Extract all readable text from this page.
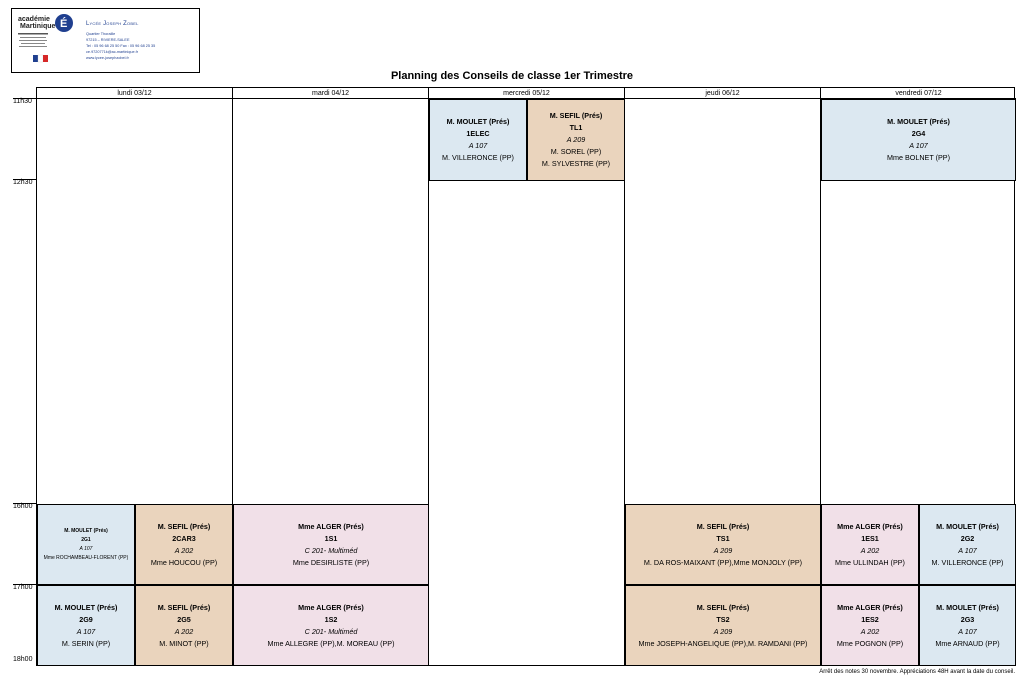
académie
Martinique É	Lycée Joseph Zobel
Quartier Thoraille
97215 – RIVIERE-SALEE
Tel : 05 96 68 25 50 Fax : 05 96 68 25 35
ce.9720771k@ac-martinique.fr
www.lycee-josephzobel.fr
Planning des Conseils de classe 1er Trimestre
11h30
12h30
16h00
17h00
18h00
lundi 03/12	mardi 04/12	mercredi 05/12	jeudi 06/12	vendredi 07/12
M. MOULET (Prés)
1ELEC
A 107
M. VILLERONCE (PP)
M. SEFIL (Prés)
TL1
A 209
M. SOREL (PP)
M. SYLVESTRE (PP)
M. MOULET (Prés)
2G4
A 107
Mme BOLNET (PP)
M. MOULET (Prés)
2G1
A 107
Mme ROCHAMBEAU-FLORENT (PP)
M. SEFIL (Prés)
2CAR3
A 202
Mme HOUCOU (PP)
Mme ALGER (Prés)
1S1
C 201- Multiméd
Mme DESIRLISTE (PP)
M. SEFIL (Prés)
TS1
A 209
M. DA ROS-MAIXANT (PP),Mme MONJOLY (PP)
Mme ALGER (Prés)
1ES1
A 202
Mme ULLINDAH (PP)
M. MOULET (Prés)
2G2
A 107
M. VILLERONCE (PP)
M. MOULET (Prés)
2G9
A 107
M. SERIN (PP)
M. SEFIL (Prés)
2G5
A 202
M. MINOT (PP)
Mme ALGER (Prés)
1S2
C 201- Multiméd
Mme ALLEGRE (PP),M. MOREAU (PP)
M. SEFIL (Prés)
TS2
A 209
Mme JOSEPH-ANGELIQUE (PP),M. RAMDANI (PP)
Mme ALGER (Prés)
1ES2
A 202
Mme POGNON (PP)
M. MOULET (Prés)
2G3
A 107
Mme ARNAUD (PP)
Arrêt des notes 30 novembre. Appréciations 48H avant la date du conseil.
